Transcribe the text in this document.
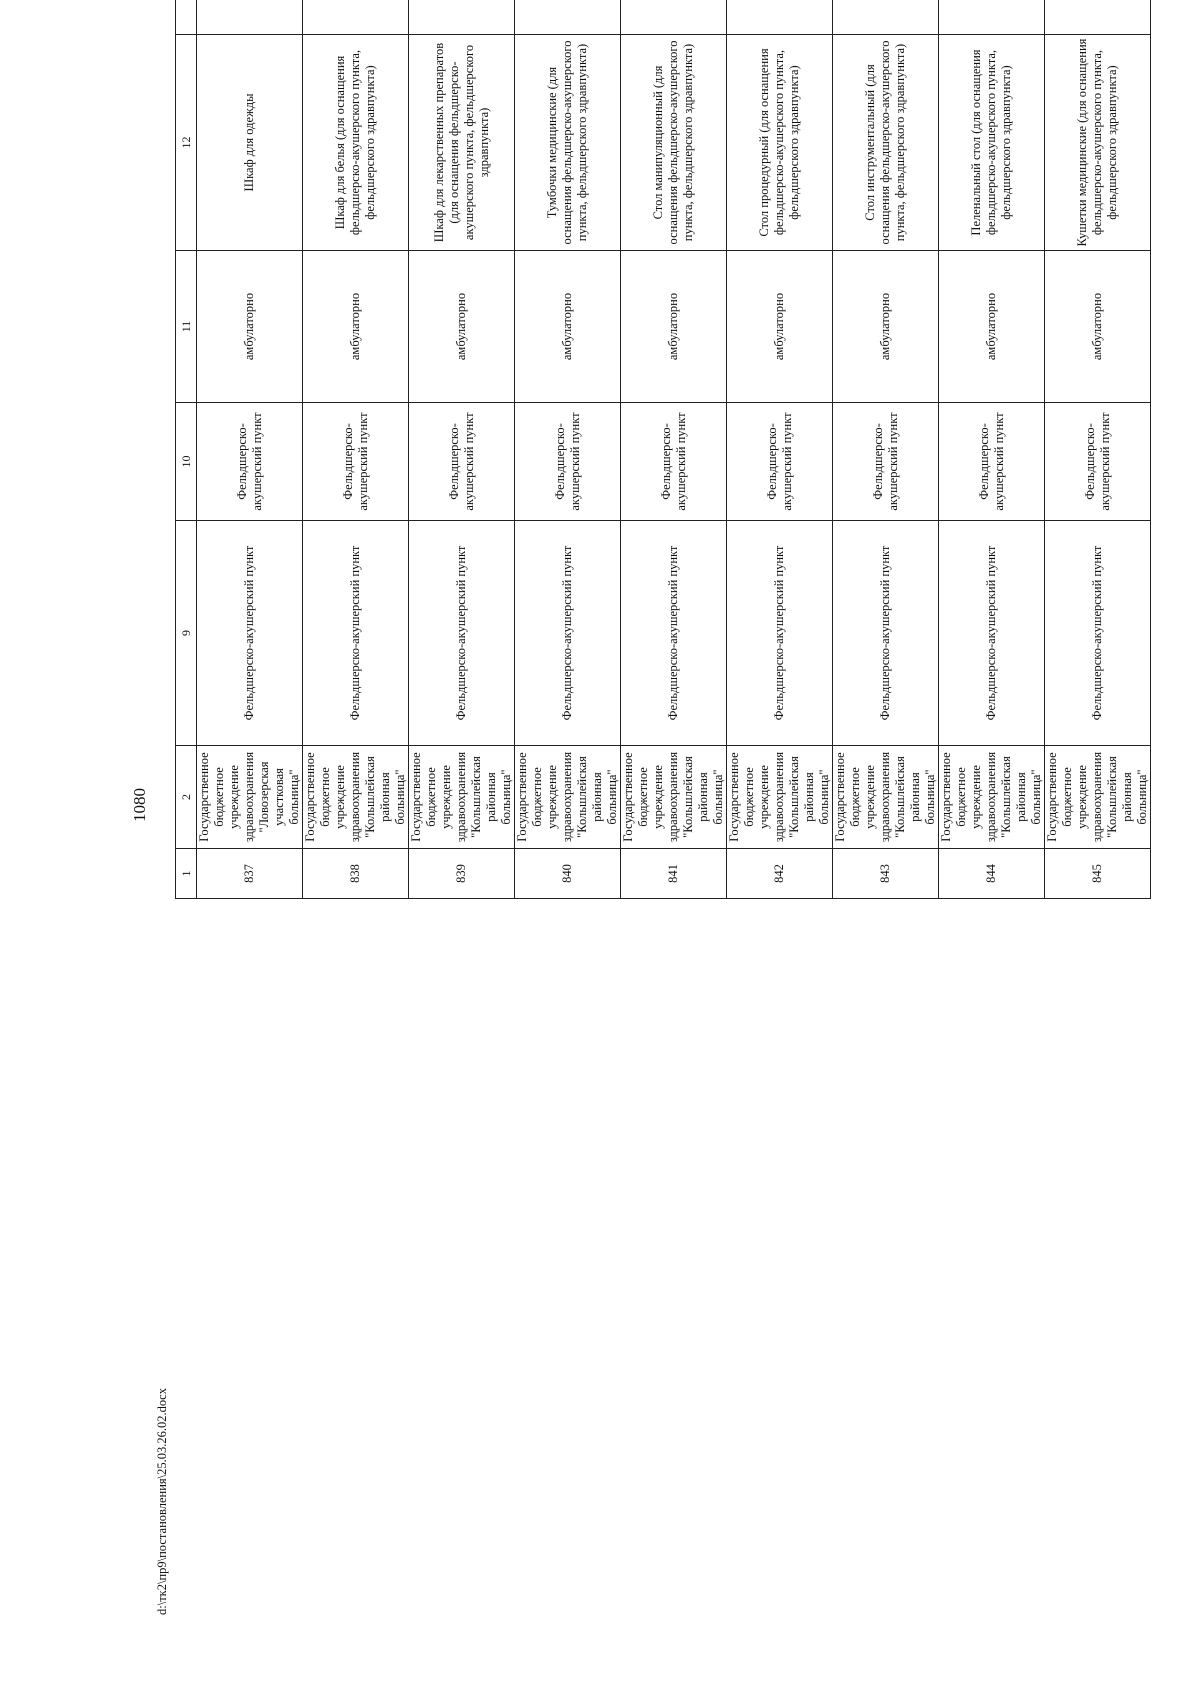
1080
1	2	9	10	11	12				
837	Государственное бюджетное учреждение здравоохранения "Ловозерская участковая больница"	Фельдшерско-акушерский пункт	Фельдшерско-акушерский пункт	амбулаторно	Шкаф для одежды				
838	Государственное бюджетное учреждение здравоохранения "Кольшлейская районная больница"	Фельдшерско-акушерский пункт	Фельдшерско-акушерский пункт	амбулаторно	Шкаф для белья (для оснащения фельдшерско-акушерского пункта, фельдшерского здравпункта)				
839	Государственное бюджетное учреждение здравоохранения "Кольшлейская районная больница"	Фельдшерско-акушерский пункт	Фельдшерско-акушерский пункт	амбулаторно	Шкаф для лекарственных препаратов (для оснащения фельдшерско-акушерского пункта, фельдшерского здравпункта)				
840	Государственное бюджетное учреждение здравоохранения "Кольшлейская районная больница"	Фельдшерско-акушерский пункт	Фельдшерско-акушерский пункт	амбулаторно	Тумбочки медицинские (для оснащения фельдшерско-акушерского пункта, фельдшерского здравпункта)				
841	Государственное бюджетное учреждение здравоохранения "Кольшлейская районная больница"	Фельдшерско-акушерский пункт	Фельдшерско-акушерский пункт	амбулаторно	Стол манипуляционный (для оснащения фельдшерско-акушерского пункта, фельдшерского здравпункта)				
842	Государственное бюджетное учреждение здравоохранения "Кольшлейская районная больница"	Фельдшерско-акушерский пункт	Фельдшерско-акушерский пункт	амбулаторно	Стол процедурный (для оснащения фельдшерско-акушерского пункта, фельдшерского здравпункта)				
843	Государственное бюджетное учреждение здравоохранения "Кольшлейская районная больница"	Фельдшерско-акушерский пункт	Фельдшерско-акушерский пункт	амбулаторно	Стол инструментальный (для оснащения фельдшерско-акушерского пункта, фельдшерского здравпункта)				
844	Государственное бюджетное учреждение здравоохранения "Кольшлейская районная больница"	Фельдшерско-акушерский пункт	Фельдшерско-акушерский пункт	амбулаторно	Пеленальный стол (для оснащения фельдшерско-акушерского пункта, фельдшерского здравпункта)				
845	Государственное бюджетное учреждение здравоохранения "Кольшлейская районная больница"	Фельдшерско-акушерский пункт	Фельдшерско-акушерский пункт	амбулаторно	Кушетки медицинские (для оснащения фельдшерско-акушерского пункта, фельдшерского здравпункта)				
d:\тк2\пр9\постановления\25.03.26.02.docx
